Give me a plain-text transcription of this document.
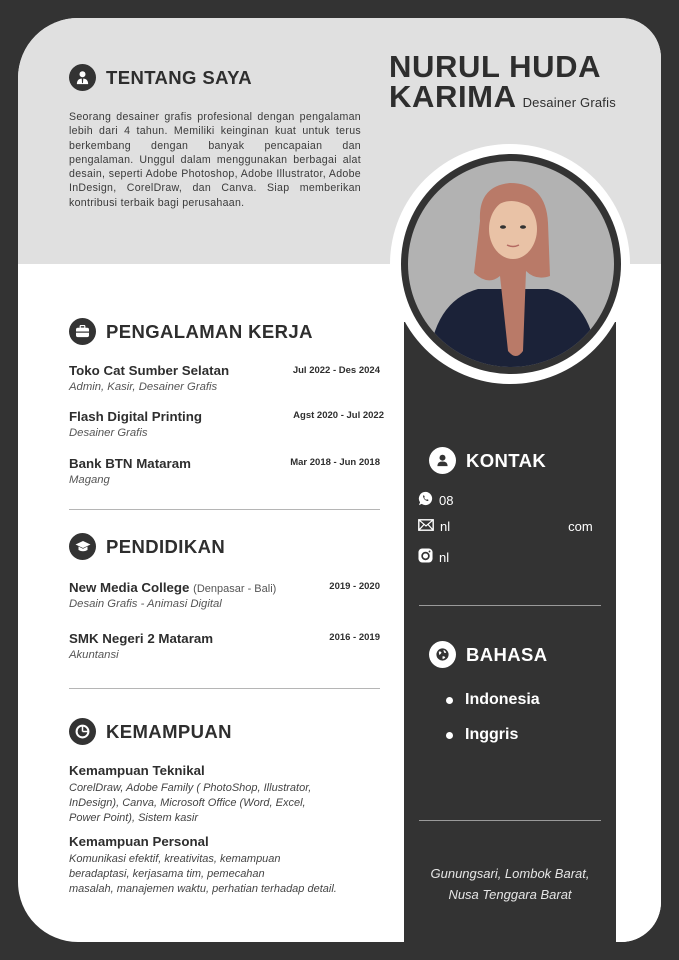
TENTANG SAYA
Seorang desainer grafis profesional dengan pengalaman lebih dari 4 tahun. Memiliki keinginan kuat untuk terus berkembang dengan banyak pencapaian dan pengalaman. Unggul dalam menggunakan berbagai alat desain, seperti Adobe Photoshop, Adobe Illustrator, Adobe InDesign, CorelDraw, dan Canva. Siap memberikan kontribusi terbaik bagi perusahaan.
NURUL HUDA
KARIMA Desainer Grafis
PENGALAMAN KERJA
Toko Cat Sumber Selatan
Admin, Kasir, Desainer Grafis
Jul 2022 - Des 2024
Flash Digital Printing
Desainer Grafis
Agst 2020 - Jul 2022
Bank BTN Mataram
Magang
Mar 2018 - Jun 2018
PENDIDIKAN
New Media College (Denpasar - Bali)
Desain Grafis - Animasi Digital
2019 - 2020
SMK Negeri 2 Mataram
Akuntansi
2016 - 2019
KEMAMPUAN
Kemampuan Teknikal
CorelDraw, Adobe Family ( PhotoShop, Illustrator,
InDesign), Canva, Microsoft Office (Word, Excel,
Power Point), Sistem kasir
Kemampuan Personal
Komunikasi efektif, kreativitas, kemampuan
beradaptasi, kerjasama tim, pemecahan
masalah, manajemen waktu, perhatian terhadap detail.
KONTAK
08
nl	com
nl
BAHASA
Indonesia
Inggris
Gunungsari, Lombok Barat,
Nusa Tenggara Barat
